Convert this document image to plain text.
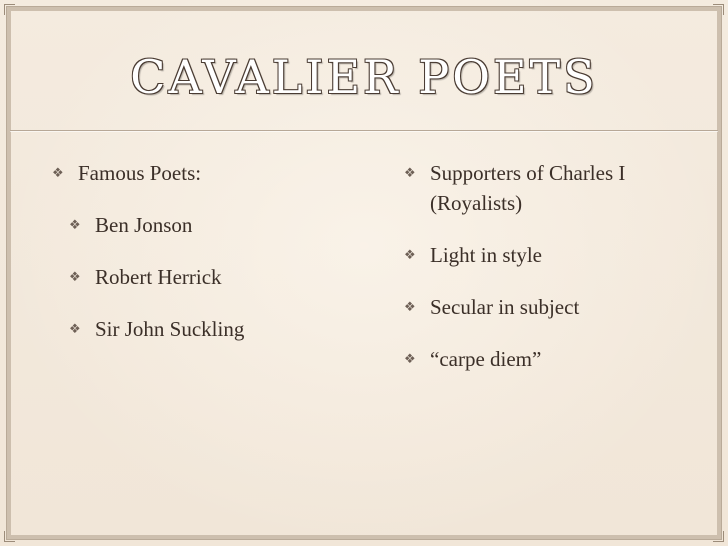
CAVALIER POETS
❖ Famous Poets:
❖ Ben Jonson
❖ Robert Herrick
❖ Sir John Suckling
❖ Supporters of Charles I (Royalists)
❖ Light in style
❖ Secular in subject
❖ “carpe diem”
